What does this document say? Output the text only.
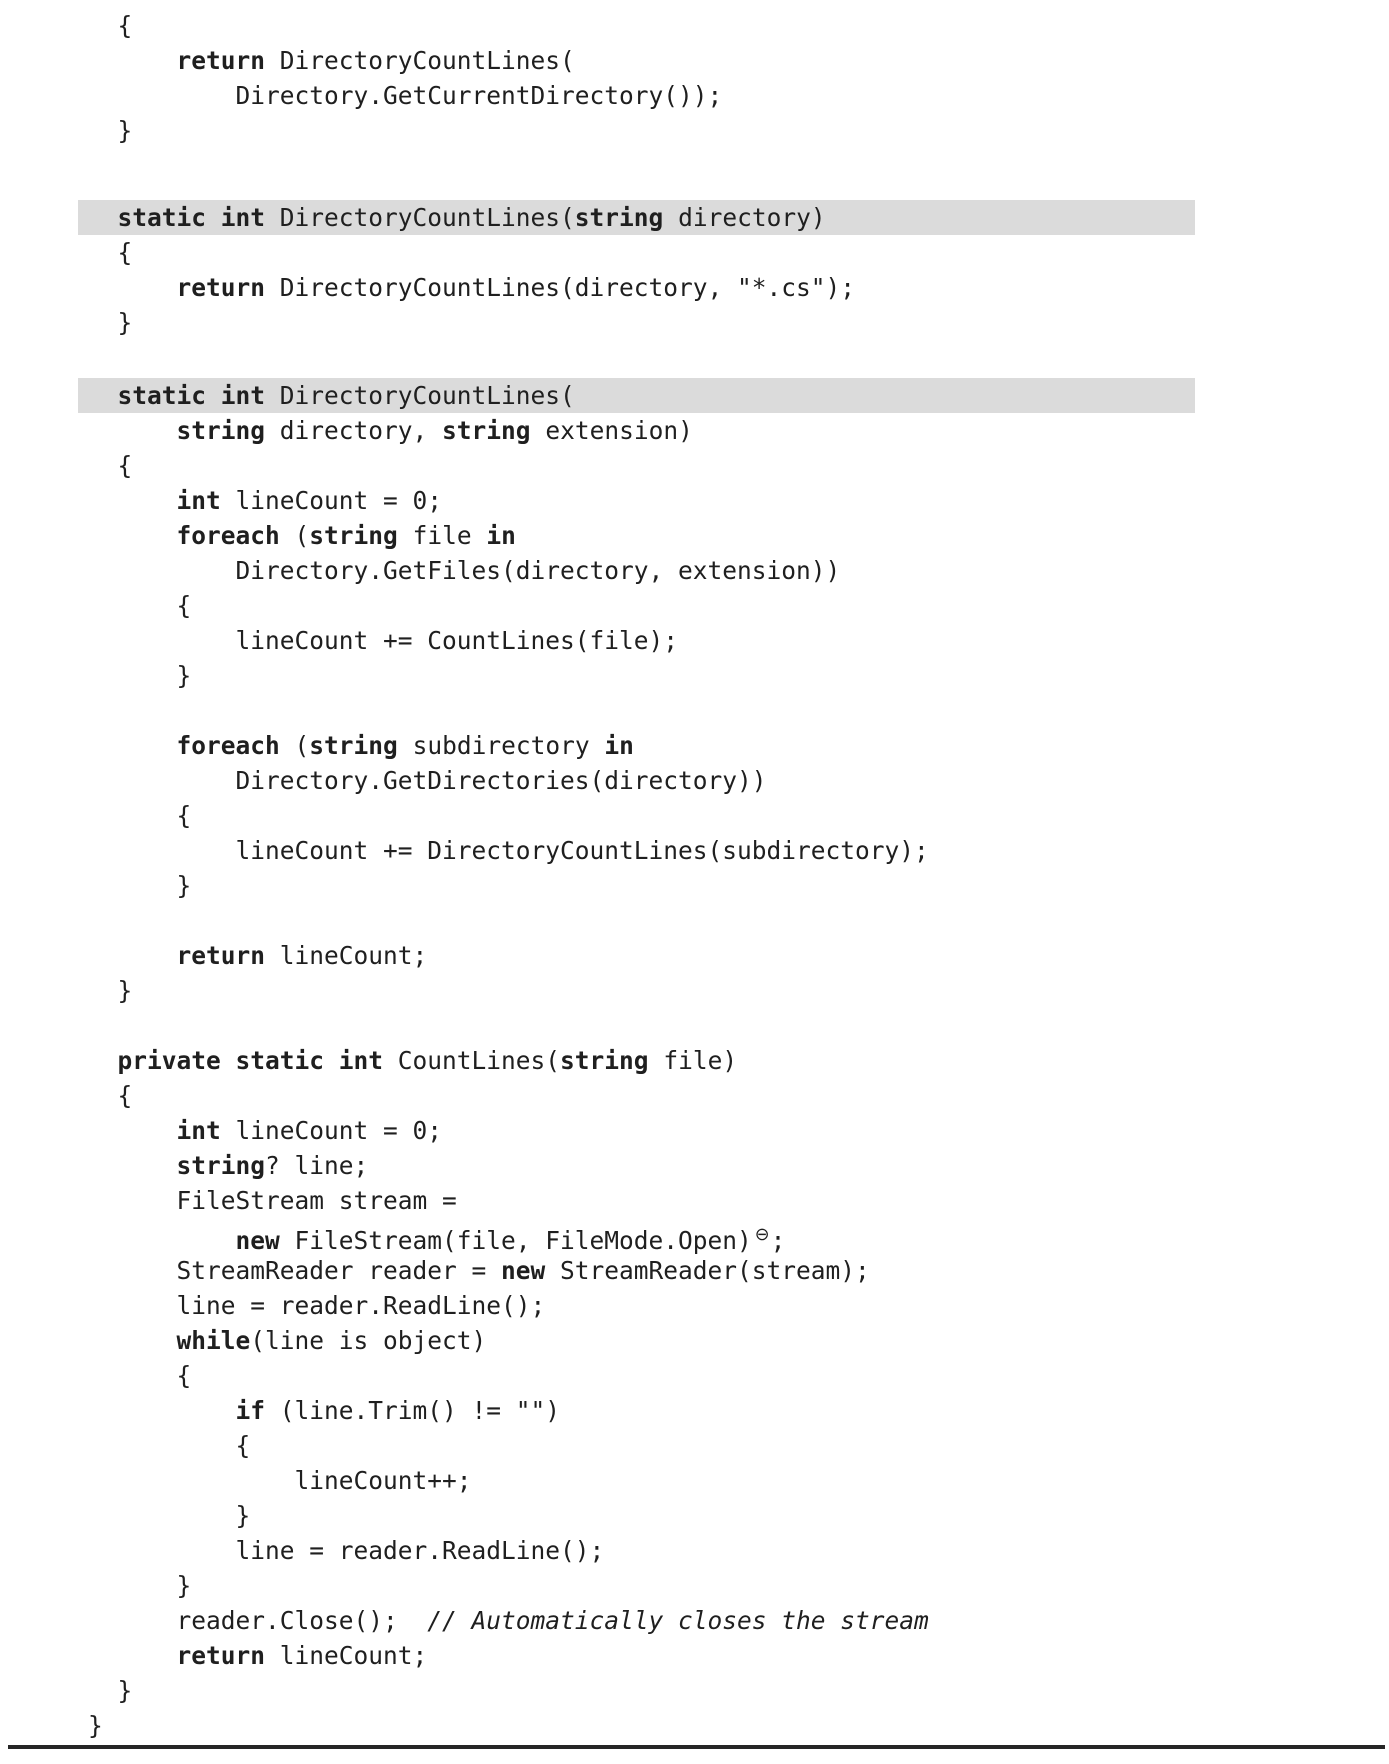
{
return DirectoryCountLines(
Directory.GetCurrentDirectory());
}
static int DirectoryCountLines(string directory)
{
return DirectoryCountLines(directory, "*.cs");
}
static int DirectoryCountLines(
string directory, string extension)
{
int lineCount = 0;
foreach (string file in
Directory.GetFiles(directory, extension))
{
lineCount += CountLines(file);
}
foreach (string subdirectory in
Directory.GetDirectories(directory))
{
lineCount += DirectoryCountLines(subdirectory);
}
return lineCount;
}
private static int CountLines(string file)
{
int lineCount = 0;
string? line;
FileStream stream =
new FileStream(file, FileMode.Open) ⊖;
StreamReader reader = new StreamReader(stream);
line = reader.ReadLine();
while(line is object)
{
if (line.Trim() != "")
{
lineCount++;
}
line = reader.ReadLine();
}
reader.Close();  // Automatically closes the stream
return lineCount;
}
}
